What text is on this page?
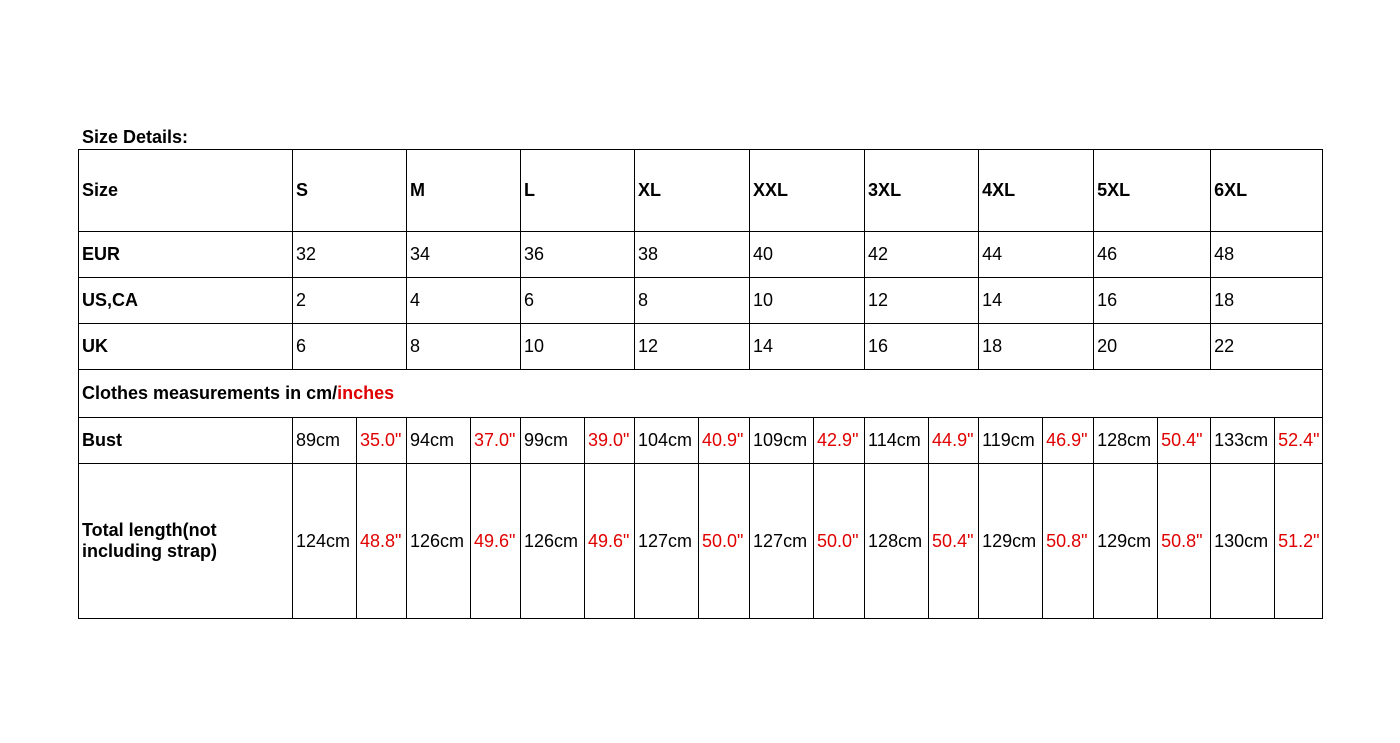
Size Details:
Size	S		M		L		XL		XXL		3XL		4XL		5XL		6XL	
EUR	32		34		36		38		40		42		44		46		48	
US,CA	2		4		6		8		10		12		14		16		18	
UK	6		8		10		12		14		16		18		20		22	
Clothes measurements in cm/inches																		
Bust	89cm	35.0"	94cm	37.0"	99cm	39.0"	104cm	40.9"	109cm	42.9"	114cm	44.9"	119cm	46.9"	128cm	50.4"	133cm	52.4"
Total length(not
including strap)	124cm	48.8"	126cm	49.6"	126cm	49.6"	127cm	50.0"	127cm	50.0"	128cm	50.4"	129cm	50.8"	129cm	50.8"	130cm	51.2"
